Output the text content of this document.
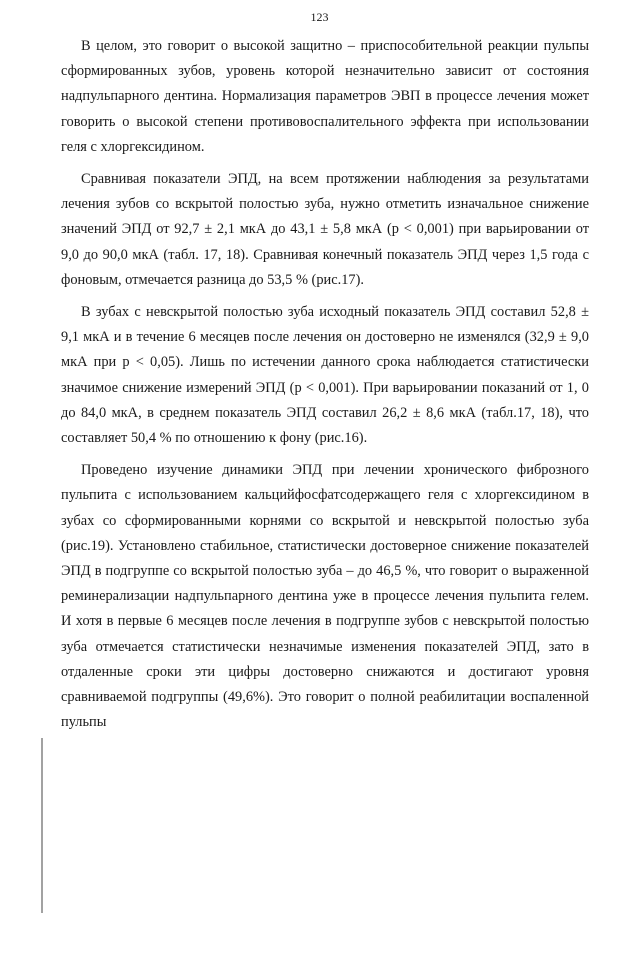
123

В целом, это говорит о высокой защитно – приспособительной реакции пульпы сформированных зубов, уровень которой незначительно зависит от состояния надпульпарного дентина. Нормализация параметров ЭВП в процессе лечения может говорить о высокой степени противовоспалительного эффекта при использовании геля с хлоргексидином.

Сравнивая показатели ЭПД, на всем протяжении наблюдения за результатами лечения зубов со вскрытой полостью зуба, нужно отметить изначальное снижение значений ЭПД от 92,7 ± 2,1 мкА до 43,1 ± 5,8 мкА (p < 0,001) при варьировании от 9,0 до 90,0 мкА (табл. 17, 18). Сравнивая конечный показатель ЭПД через 1,5 года с фоновым, отмечается разница до 53,5 % (рис.17).

В зубах с невскрытой полостью зуба исходный показатель ЭПД составил 52,8 ± 9,1 мкА и в течение 6 месяцев после лечения он достоверно не изменялся (32,9 ± 9,0 мкА при p < 0,05). Лишь по истечении данного срока наблюдается статистически значимое снижение измерений ЭПД (p < 0,001). При варьировании показаний от 1, 0 до 84,0 мкА, в среднем показатель ЭПД составил 26,2 ± 8,6 мкА (табл.17, 18), что составляет 50,4 % по отношению к фону (рис.16).

Проведено изучение динамики ЭПД при лечении хронического фиброзного пульпита с использованием кальцийфосфатсодержащего геля с хлоргексидином в зубах со сформированными корнями со вскрытой и невскрытой полостью зуба (рис.19). Установлено стабильное, статистически достоверное снижение показателей ЭПД в подгруппе со вскрытой полостью зуба – до 46,5 %, что говорит о выраженной реминерализации надпульпарного дентина уже в процессе лечения пульпита гелем. И хотя в первые 6 месяцев после лечения в подгруппе зубов с невскрытой полостью зуба отмечается статистически незначимые изменения показателей ЭПД, зато в отдаленные сроки эти цифры достоверно снижаются и достигают уровня сравниваемой подгруппы (49,6%). Это говорит о полной реабилитации воспаленной пульпы
